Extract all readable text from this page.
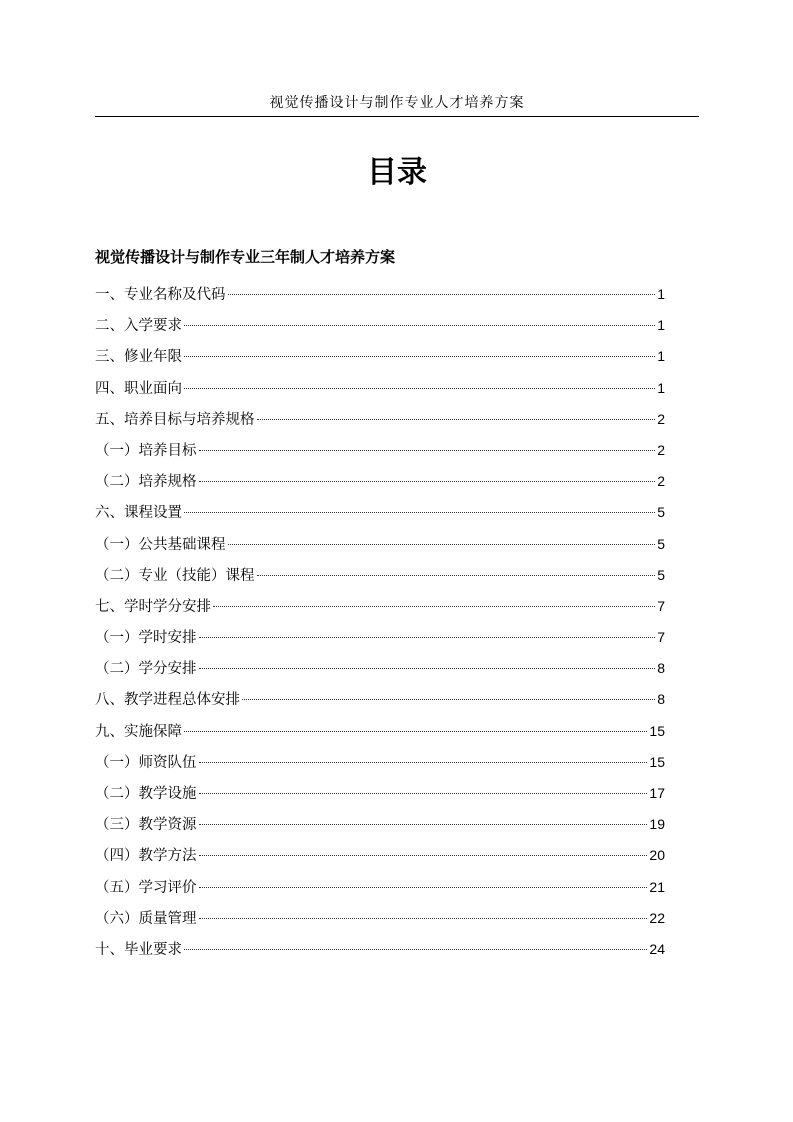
视觉传播设计与制作专业人才培养方案
目录
视觉传播设计与制作专业三年制人才培养方案
一、专业名称及代码	1
二、入学要求	1
三、修业年限	1
四、职业面向	1
五、培养目标与培养规格	2
（一）培养目标	2
（二）培养规格	2
六、课程设置	5
（一）公共基础课程	5
（二）专业（技能）课程	5
七、学时学分安排	7
（一）学时安排	7
（二）学分安排	8
八、教学进程总体安排	8
九、实施保障	15
（一）师资队伍	15
（二）教学设施	17
（三）教学资源	19
（四）教学方法	20
（五）学习评价	21
（六）质量管理	22
十、毕业要求	24
